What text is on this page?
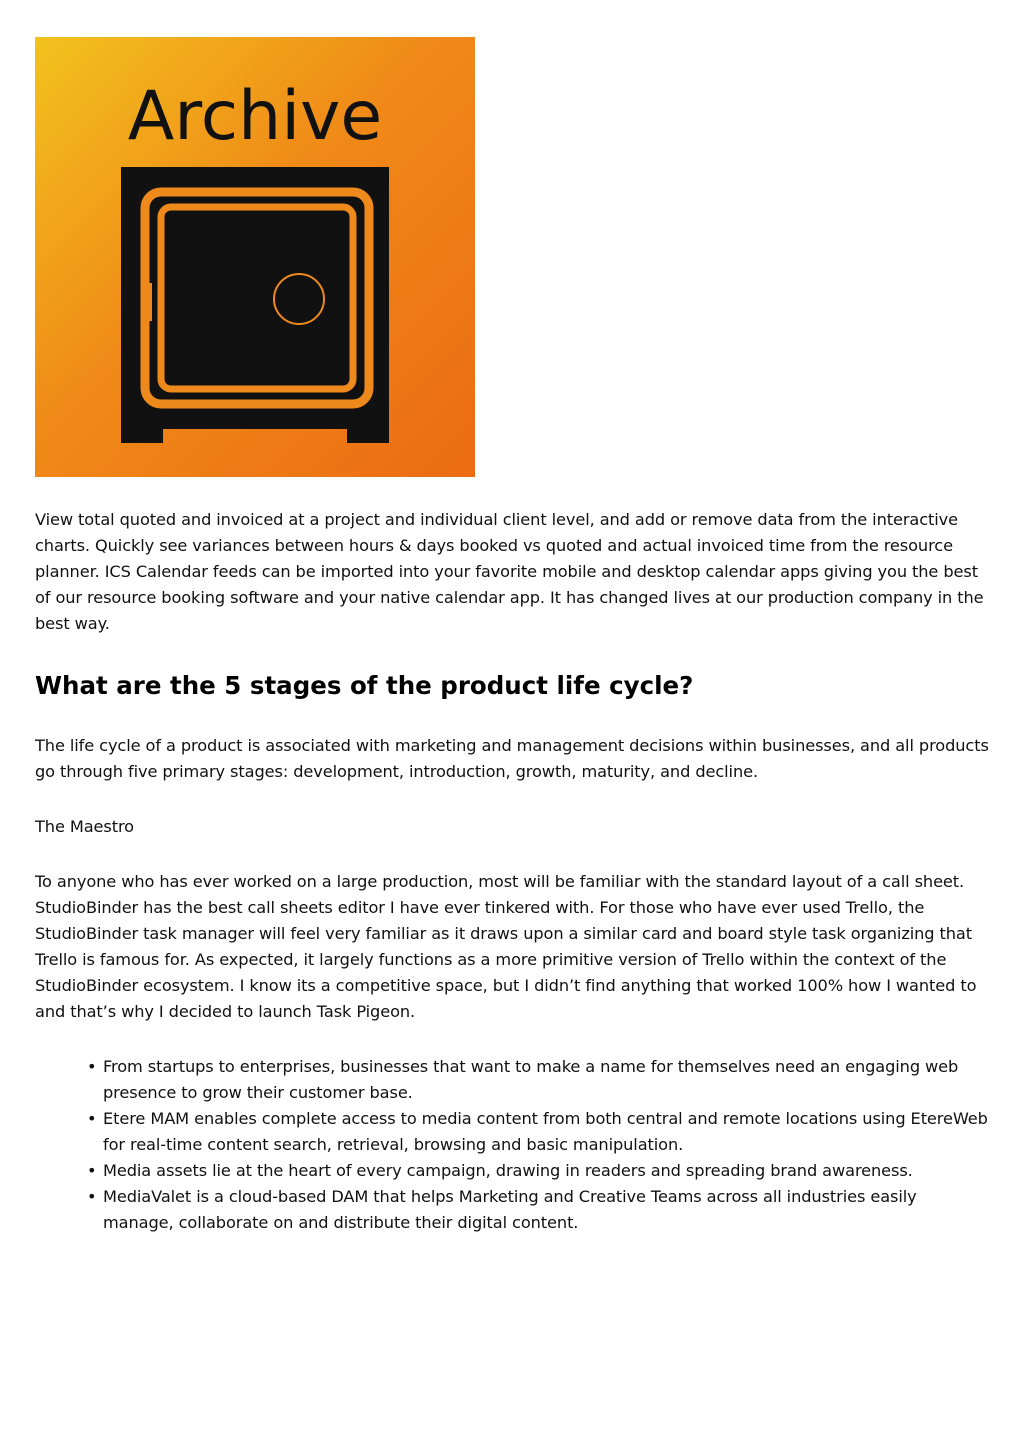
Archive

View total quoted and invoiced at a project and individual client level, and add or remove data from the interactive charts. Quickly see variances between hours & days booked vs quoted and actual invoiced time from the resource planner. ICS Calendar feeds can be imported into your favorite mobile and desktop calendar apps giving you the best of our resource booking software and your native calendar app. It has changed lives at our production company in the best way.

What are the 5 stages of the product life cycle?

The life cycle of a product is associated with marketing and management decisions within businesses, and all products go through five primary stages: development, introduction, growth, maturity, and decline.

The Maestro

To anyone who has ever worked on a large production, most will be familiar with the standard layout of a call sheet. StudioBinder has the best call sheets editor I have ever tinkered with. For those who have ever used Trello, the StudioBinder task manager will feel very familiar as it draws upon a similar card and board style task organizing that Trello is famous for. As expected, it largely functions as a more primitive version of Trello within the context of the StudioBinder ecosystem. I know its a competitive space, but I didn’t find anything that worked 100% how I wanted to and that’s why I decided to launch Task Pigeon.

• From startups to enterprises, businesses that want to make a name for themselves need an engaging web presence to grow their customer base.
• Etere MAM enables complete access to media content from both central and remote locations using EtereWeb for real-time content search, retrieval, browsing and basic manipulation.
• Media assets lie at the heart of every campaign, drawing in readers and spreading brand awareness.
• MediaValet is a cloud-based DAM that helps Marketing and Creative Teams across all industries easily manage, collaborate on and distribute their digital content.
